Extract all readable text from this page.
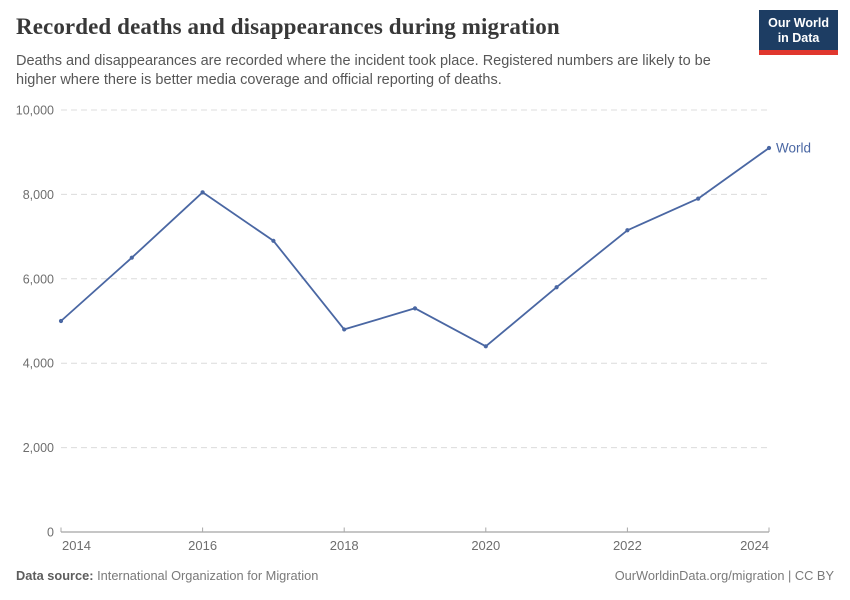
Recorded deaths and disappearances during migration	Our World
in Data

Deaths and disappearances are recorded where the incident took place. Registered numbers are likely to be higher where there is better media coverage and official reporting of deaths.

0
2,000
4,000
6,000
8,000
10,000
2014	2016	2018	2020	2022	2024
World
Data source: International Organization for Migration	OurWorldinData.org/migration | CC BY
